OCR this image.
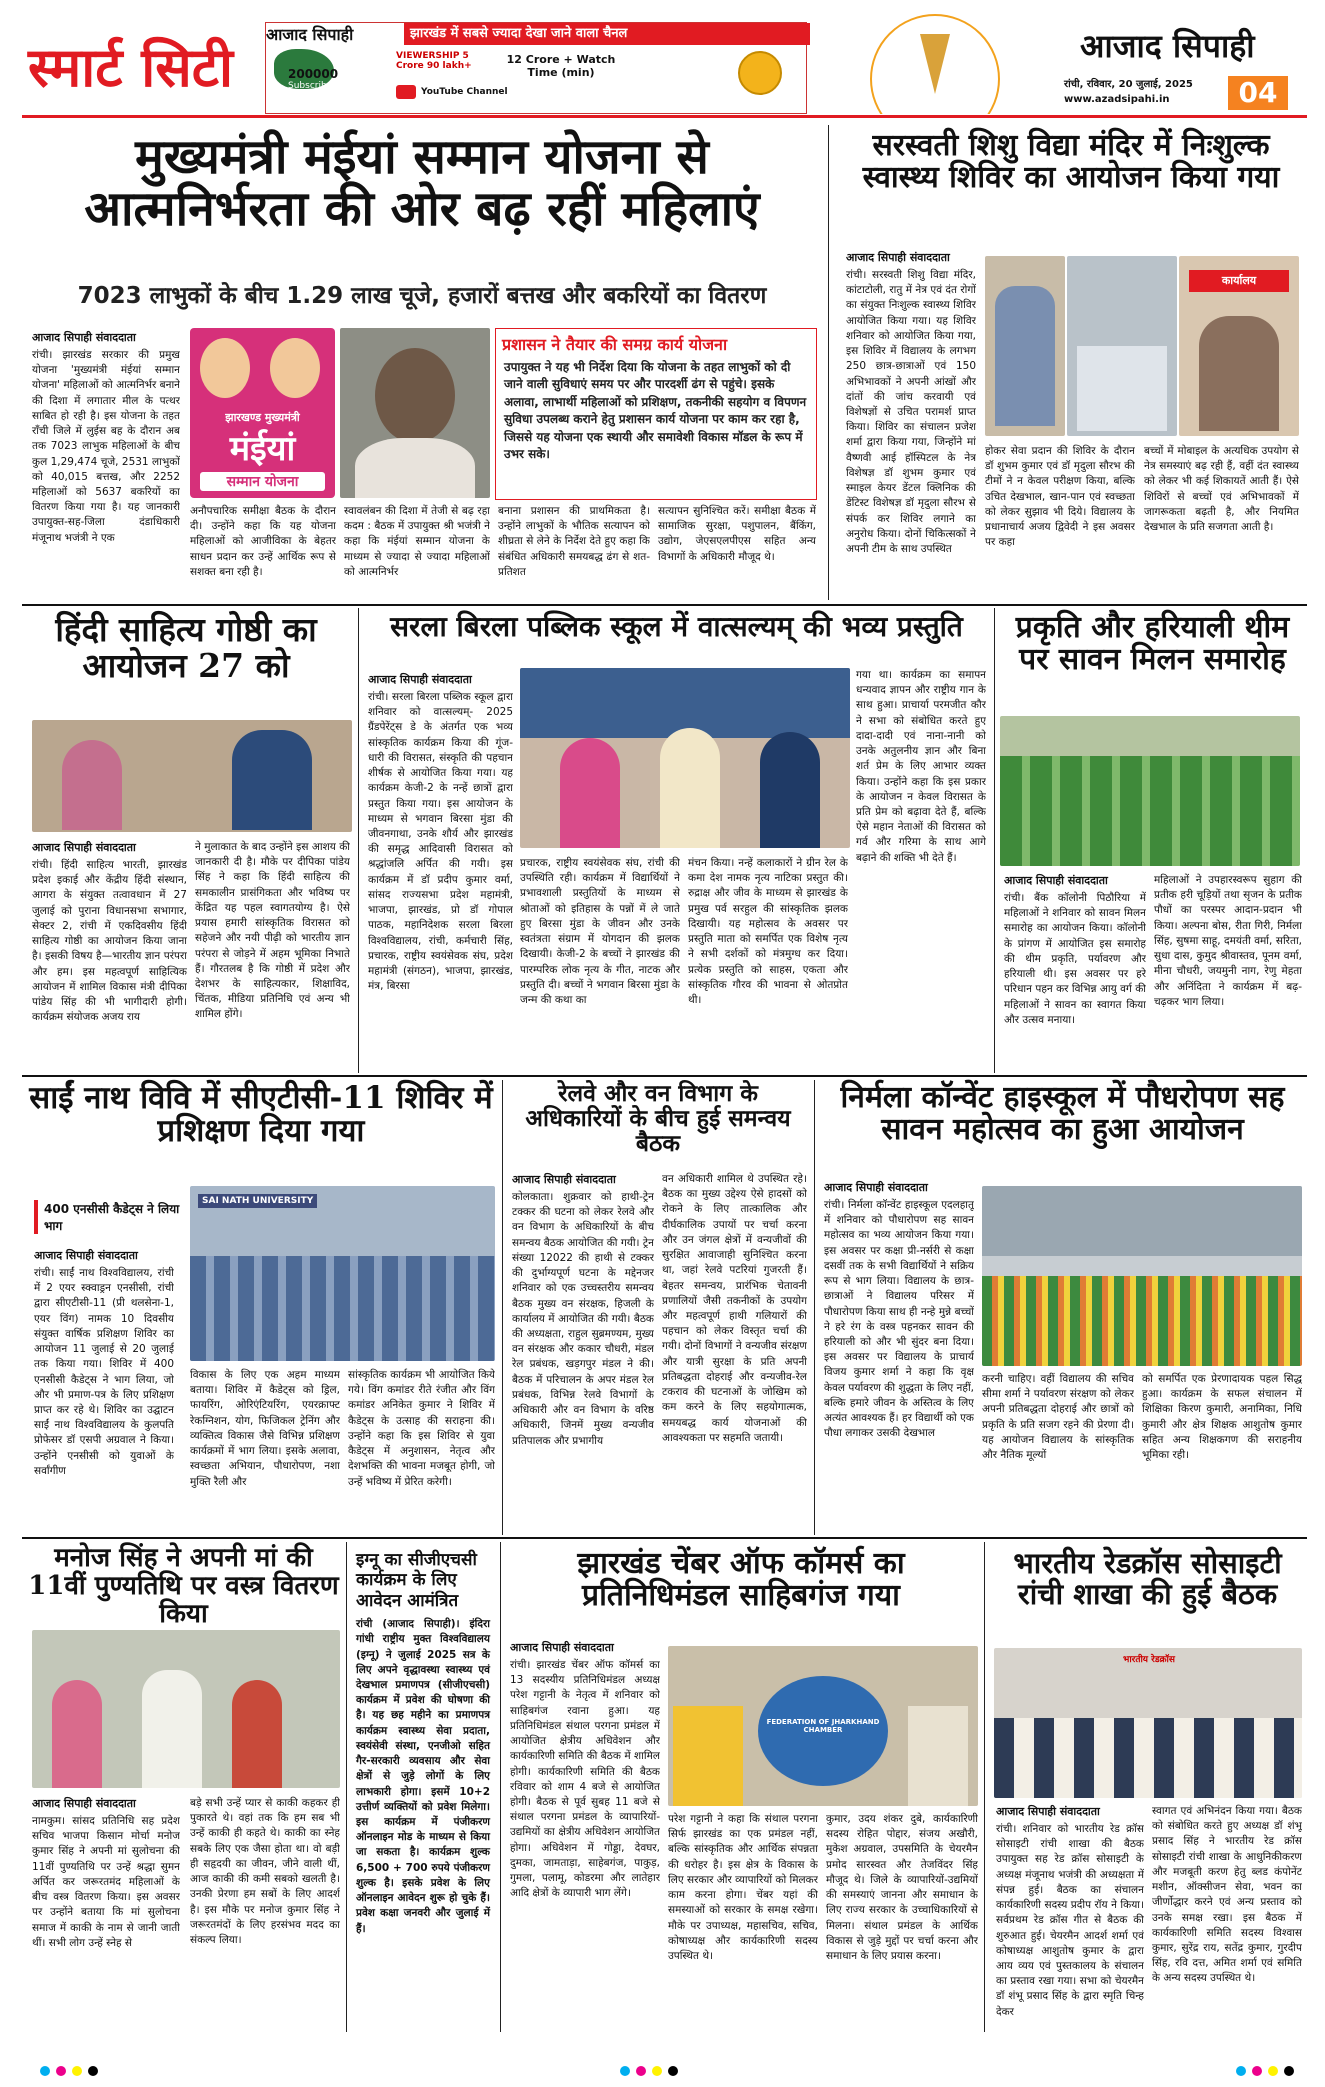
स्मार्ट सिटी
आजाद सिपाही	झारखंड में सबसे ज्यादा देखा जाने वाला चैनल
200000
Subscribers
VIEWERSHIP 5 Crore 90 lakh+	12 Crore + Watch Time (min)
YouTube Channel
आजाद सिपाही
रांची, रविवार, 20 जुलाई, 2025
www.azadsipahi.in	04
मुख्यमंत्री मंईयां सम्मान योजना से
आत्मनिर्भरता की ओर बढ़ रहीं महिलाएं
7023 लाभुकों के बीच 1.29 लाख चूजे, हजारों बत्तख और बकरियों का वितरण
आजाद सिपाही संवाददाता
रांची। झारखंड सरकार की प्रमुख योजना 'मुख्यमंत्री मंईयां सम्मान योजना' महिलाओं को आत्मनिर्भर बनाने की दिशा में लगातार मील के पत्थर साबित हो रही है। इस योजना के तहत राँची जिले में लुईस बह के दौरान अब तक 7023 लाभुक महिलाओं के बीच कुल 1,29,474 चूजे, 2531 लाभुकों को 40,015 बत्तख, और 2252 महिलाओं को 5637 बकरियों का वितरण किया गया है। यह जानकारी उपायुक्त-सह-जिला दंडाधिकारी मंजूनाथ भजंत्री ने एक
झारखण्ड मुख्यमंत्री
मंईयां
सम्मान योजना
प्रशासन ने तैयार की समग्र कार्य योजना
उपायुक्त ने यह भी निर्देश दिया कि योजना के तहत लाभुकों को दी जाने वाली सुविधाएं समय पर और पारदर्शी ढंग से पहुंचे। इसके अलावा, लाभार्थी महिलाओं को प्रशिक्षण, तकनीकी सहयोग व विपणन सुविधा उपलब्ध कराने हेतु प्रशासन कार्य योजना पर काम कर रहा है, जिससे यह योजना एक स्थायी और समावेशी विकास मॉडल के रूप में उभर सके।
अनौपचारिक समीक्षा बैठक के दौरान दी। उन्होंने कहा कि यह योजना महिलाओं को आजीविका के बेहतर साधन प्रदान कर उन्हें आर्थिक रूप से सशक्त बना रही है।
स्वावलंबन की दिशा में तेजी से बढ़ रहा कदम : बैठक में उपायुक्त श्री भजंत्री ने कहा कि मंईयां सम्मान योजना के माध्यम से ज्यादा से ज्यादा महिलाओं को आत्मनिर्भर
बनाना प्रशासन की प्राथमिकता है। उन्होंने लाभुकों के भौतिक सत्यापन को शीघ्रता से लेने के निर्देश देते हुए कहा कि संबंधित अधिकारी समयबद्ध ढंग से शत-प्रतिशत
सत्यापन सुनिश्चित करें। समीक्षा बैठक में सामाजिक सुरक्षा, पशुपालन, बैंकिंग, उद्योग, जेएसएलपीएस सहित अन्य विभागों के अधिकारी मौजूद थे।
सरस्वती शिशु विद्या मंदिर में निःशुल्क स्वास्थ्य शिविर का आयोजन किया गया
आजाद सिपाही संवाददाता
रांची। सरस्वती शिशु विद्या मंदिर, कांटाटोली, रातु में नेत्र एवं दंत रोगों का संयुक्त निःशुल्क स्वास्थ्य शिविर आयोजित किया गया। यह शिविर शनिवार को आयोजित किया गया, इस शिविर में विद्यालय के लगभग 250 छात्र-छात्राओं एवं 150 अभिभावकों ने अपनी आंखों और दांतों की जांच करवायी एवं विशेषज्ञों से उचित परामर्श प्राप्त किया। शिविर का संचालन प्रजेश शर्मा द्वारा किया गया, जिन्होंने मां वैष्णवी आई हॉस्पिटल के नेत्र विशेषज्ञ डॉ शुभम कुमार एवं स्माइल केयर डेंटल क्लिनिक की डेंटिस्ट विशेषज्ञ डॉ मृदुला सौरभ से संपर्क कर शिविर लगाने का अनुरोध किया। दोनों चिकित्सकों ने अपनी टीम के साथ उपस्थित
कार्यालय
होकर सेवा प्रदान की शिविर के दौरान डॉ शुभम कुमार एवं डॉ मृदुला सौरभ की टीमों ने न केवल परीक्षण किया, बल्कि उचित देखभाल, खान-पान एवं स्वच्छता को लेकर सुझाव भी दिये। विद्यालय के प्रधानाचार्य अजय द्विवेदी ने इस अवसर पर कहा
बच्चों में मोबाइल के अत्यधिक उपयोग से नेत्र समस्याएं बढ़ रही हैं, वहीं दंत स्वास्थ्य को लेकर भी कई शिकायतें आती हैं। ऐसे शिविरों से बच्चों एवं अभिभावकों में जागरूकता बढ़ती है, और नियमित देखभाल के प्रति सजगता आती है।
हिंदी साहित्य गोष्ठी का आयोजन 27 को
आजाद सिपाही संवाददाता
रांची। हिंदी साहित्य भारती, झारखंड प्रदेश इकाई और केंद्रीय हिंदी संस्थान, आगरा के संयुक्त तत्वावधान में 27 जुलाई को पुराना विधानसभा सभागार, सेक्टर 2, रांची में एकदिवसीय हिंदी साहित्य गोष्ठी का आयोजन किया जाना है। इसकी विषय है—भारतीय ज्ञान परंपरा और हम। इस महत्वपूर्ण साहित्यिक आयोजन में शामिल विकास मंत्री दीपिका पांडेय सिंह की भी भागीदारी होगी। कार्यक्रम संयोजक अजय राय
ने मुलाकात के बाद उन्होंने इस आशय की जानकारी दी है। मौके पर दीपिका पांडेय सिंह ने कहा कि हिंदी साहित्य की समकालीन प्रासंगिकता और भविष्य पर केंद्रित यह पहल स्वागतयोग्य है। ऐसे प्रयास हमारी सांस्कृतिक विरासत को सहेजने और नयी पीढ़ी को भारतीय ज्ञान परंपरा से जोड़ने में अहम भूमिका निभाते हैं। गौरतलब है कि गोष्ठी में प्रदेश और देशभर के साहित्यकार, शिक्षाविद, चिंतक, मीडिया प्रतिनिधि एवं अन्य भी शामिल होंगे।
सरला बिरला पब्लिक स्कूल में वात्सल्यम् की भव्य प्रस्तुति
आजाद सिपाही संवाददाता
रांची। सरला बिरला पब्लिक स्कूल द्वारा शनिवार को वात्सल्यम्- 2025 ग्रैंडपेरेंट्स डे के अंतर्गत एक भव्य सांस्कृतिक कार्यक्रम किया की गूंज-धारी की विरासत, संस्कृति की पहचान शीर्षक से आयोजित किया गया। यह कार्यक्रम केजी-2 के नन्हें छात्रों द्वारा प्रस्तुत किया गया। इस आयोजन के माध्यम से भगवान बिरसा मुंडा की जीवनगाथा, उनके शौर्य और झारखंड की समृद्ध आदिवासी विरासत को श्रद्धांजलि अर्पित की गयी। इस कार्यक्रम में डॉ प्रदीप कुमार वर्मा, सांसद राज्यसभा प्रदेश महामंत्री, भाजपा, झारखंड, प्रो डॉ गोपाल पाठक, महानिदेशक सरला बिरला विश्वविद्यालय, रांची, कर्मचारी सिंह, प्रचारक, राष्ट्रीय स्वयंसेवक संघ, प्रदेश महामंत्री (संगठन), भाजपा, झारखंड, मंत्र, बिरसा
प्रचारक, राष्ट्रीय स्वयंसेवक संघ, रांची की उपस्थिति रही। कार्यक्रम में विद्यार्थियों ने प्रभावशाली प्रस्तुतियों के माध्यम से श्रोताओं को इतिहास के पन्नों में ले जाते हुए बिरसा मुंडा के जीवन और उनके स्वतंत्रता संग्राम में योगदान की झलक दिखायी। केजी-2 के बच्चों ने झारखंड की पारम्परिक लोक नृत्य के गीत, नाटक और प्रस्तुति दी। बच्चों ने भगवान बिरसा मुंडा के जन्म की कथा का
मंचन किया। नन्हें कलाकारों ने ग्रीन रेल के कमा देश नामक नृत्य नाटिका प्रस्तुत की। रुद्राक्ष और जीव के माध्यम से झारखंड के प्रमुख पर्व सरहुल की सांस्कृतिक झलक दिखायी। यह महोत्सव के अवसर पर प्रस्तुति माता को समर्पित एक विशेष नृत्य ने सभी दर्शकों को मंत्रमुग्ध कर दिया। प्रत्येक प्रस्तुति को साहस, एकता और सांस्कृतिक गौरव की भावना से ओतप्रोत थी।
गया था। कार्यक्रम का समापन धन्यवाद ज्ञापन और राष्ट्रीय गान के साथ हुआ। प्राचार्या परमजीत कौर ने सभा को संबोधित करते हुए दादा-दादी एवं नाना-नानी को उनके अतुलनीय ज्ञान और बिना शर्त प्रेम के लिए आभार व्यक्त किया। उन्होंने कहा कि इस प्रकार के आयोजन न केवल विरासत के प्रति प्रेम को बढ़ावा देते हैं, बल्कि ऐसे महान नेताओं की विरासत को गर्व और गरिमा के साथ आगे बढ़ाने की शक्ति भी देते हैं।
प्रकृति और हरियाली थीम पर सावन मिलन समारोह
आजाद सिपाही संवाददाता
रांची। बैंक कॉलोनी पिठौरिया में महिलाओं ने शनिवार को सावन मिलन समारोह का आयोजन किया। कॉलोनी के प्रांगण में आयोजित इस समारोह की थीम प्रकृति, पर्यावरण और हरियाली थी। इस अवसर पर हरे परिधान पहन कर विभिन्न आयु वर्ग की महिलाओं ने सावन का स्वागत किया और उत्सव मनाया।
महिलाओं ने उपहारस्वरूप सुहाग की प्रतीक हरी चूड़ियों तथा सृजन के प्रतीक पौधों का परस्पर आदान-प्रदान भी किया। अल्पना बोस, रीता गिरी, निर्मला सिंह, सुषमा साहू, दमयंती वर्मा, सरिता, सुधा दास, कुमुद श्रीवास्तव, पूनम वर्मा, मीना चौधरी, जयमुनी नाग, रेणु मेहता और अनिंदिता ने कार्यक्रम में बढ़-चढ़कर भाग लिया।
साईं नाथ विवि में सीएटीसी-11 शिविर में प्रशिक्षण दिया गया
400 एनसीसी कैडेट्स ने लिया भाग
आजाद सिपाही संवाददाता
रांची। साईं नाथ विश्वविद्यालय, रांची में 2 एयर स्क्वाड्रन एनसीसी, रांची द्वारा सीएटीसी-11 (प्री थलसेना-1, एयर विंग) नामक 10 दिवसीय संयुक्त वार्षिक प्रशिक्षण शिविर का आयोजन 11 जुलाई से 20 जुलाई तक किया गया। शिविर में 400 एनसीसी कैडेट्स ने भाग लिया, जो और भी प्रमाण-पत्र के लिए प्रशिक्षण प्राप्त कर रहे थे। शिविर का उद्घाटन साईं नाथ विश्वविद्यालय के कुलपति प्रोफेसर डॉ एसपी अग्रवाल ने किया। उन्होंने एनसीसी को युवाओं के सर्वांगीण
SAI NATH UNIVERSITY
विकास के लिए एक अहम माध्यम बताया। शिविर में कैडेट्स को ड्रिल, फायरिंग, ओरिएंटियरिंग, एयरक्राफ्ट रेकग्निशन, योग, फिजिकल ट्रेनिंग और व्यक्तित्व विकास जैसे विभिन्न प्रशिक्षण कार्यक्रमों में भाग लिया। इसके अलावा, स्वच्छता अभियान, पौधारोपण, नशा मुक्ति रैली और
सांस्कृतिक कार्यक्रम भी आयोजित किये गये। विंग कमांडर रीते रंजीत और विंग कमांडर अनिकेत कुमार ने शिविर में कैडेट्स के उत्साह की सराहना की। उन्होंने कहा कि इस शिविर से युवा कैडेट्स में अनुशासन, नेतृत्व और देशभक्ति की भावना मजबूत होगी, जो उन्हें भविष्य में प्रेरित करेगी।
रेलवे और वन विभाग के अधिकारियों के बीच हुई समन्वय बैठक
आजाद सिपाही संवाददाता
कोलकाता। शुक्रवार को हाथी-ट्रेन टक्कर की घटना को लेकर रेलवे और वन विभाग के अधिकारियों के बीच समन्वय बैठक आयोजित की गयी। ट्रेन संख्या 12022 की हाथी से टक्कर की दुर्भाग्यपूर्ण घटना के मद्देनजर शनिवार को एक उच्चस्तरीय समन्वय बैठक मुख्य वन संरक्षक, हिजली के कार्यालय में आयोजित की गयी। बैठक की अध्यक्षता, राहुल सुब्रमण्यम, मुख्य वन संरक्षक और ककार चौधरी, मंडल रेल प्रबंधक, खड़गपुर मंडल ने की। बैठक में परिचालन के अपर मंडल रेल प्रबंधक, विभिन्न रेलवे विभागों के अधिकारी और वन विभाग के वरिष्ठ अधिकारी, जिनमें मुख्य वन्यजीव प्रतिपालक और प्रभागीय
वन अधिकारी शामिल थे उपस्थित रहे। बैठक का मुख्य उद्देश्य ऐसे हादसों को रोकने के लिए तात्कालिक और दीर्घकालिक उपायों पर चर्चा करना और उन जंगल क्षेत्रों में वन्यजीवों की सुरक्षित आवाजाही सुनिश्चित करना था, जहां रेलवे पटरियां गुजरती हैं। बेहतर समन्वय, प्रारंभिक चेतावनी प्रणालियों जैसी तकनीकों के उपयोग और महत्वपूर्ण हाथी गलियारों की पहचान को लेकर विस्तृत चर्चा की गयी। दोनों विभागों ने वन्यजीव संरक्षण और यात्री सुरक्षा के प्रति अपनी प्रतिबद्धता दोहराई और वन्यजीव-रेल टकराव की घटनाओं के जोखिम को कम करने के लिए सहयोगात्मक, समयबद्ध कार्य योजनाओं की आवश्यकता पर सहमति जतायी।
निर्मला कॉन्वेंट हाइस्कूल में पौधरोपण सह सावन महोत्सव का हुआ आयोजन
आजाद सिपाही संवाददाता
रांची। निर्मला कॉन्वेंट हाइस्कूल एदलहातू में शनिवार को पौधारोपण सह सावन महोत्सव का भव्य आयोजन किया गया। इस अवसर पर कक्षा प्री-नर्सरी से कक्षा दसवीं तक के सभी विद्यार्थियों ने सक्रिय रूप से भाग लिया। विद्यालय के छात्र-छात्राओं ने विद्यालय परिसर में पौधारोपण किया साथ ही नन्हे मुन्ने बच्चों ने हरे रंग के वस्त्र पहनकर सावन की हरियाली को और भी सुंदर बना दिया। इस अवसर पर विद्यालय के प्राचार्य विजय कुमार शर्मा ने कहा कि वृक्ष केवल पर्यावरण की शुद्धता के लिए नहीं, बल्कि हमारे जीवन के अस्तित्व के लिए अत्यंत आवश्यक हैं। हर विद्यार्थी को एक पौधा लगाकर उसकी देखभाल
करनी चाहिए। वहीं विद्यालय की सचिव सीमा शर्मा ने पर्यावरण संरक्षण को लेकर अपनी प्रतिबद्धता दोहराई और छात्रों को प्रकृति के प्रति सजग रहने की प्रेरणा दी। यह आयोजन विद्यालय के सांस्कृतिक और नैतिक मूल्यों
को समर्पित एक प्रेरणादायक पहल सिद्ध हुआ। कार्यक्रम के सफल संचालन में शिक्षिका किरण कुमारी, अनामिका, निधि कुमारी और क्षेत्र शिक्षक आशुतोष कुमार सहित अन्य शिक्षकगण की सराहनीय भूमिका रही।
मनोज सिंह ने अपनी मां की 11वीं पुण्यतिथि पर वस्त्र वितरण किया
आजाद सिपाही संवाददाता
नामकुम। सांसद प्रतिनिधि सह प्रदेश सचिव भाजपा किसान मोर्चा मनोज कुमार सिंह ने अपनी मां सुलोचना की 11वीं पुण्यतिथि पर उन्हें श्रद्धा सुमन अर्पित कर जरूरतमंद महिलाओं के बीच वस्त्र वितरण किया। इस अवसर पर उन्होंने बताया कि मां सुलोचना समाज में काकी के नाम से जानी जाती थीं। सभी लोग उन्हें स्नेह से
बड़े सभी उन्हें प्यार से काकी कहकर ही पुकारते थे। वहां तक कि हम सब भी उन्हें काकी ही कहते थे। काकी का स्नेह सबके लिए एक जैसा होता था। वो बड़ी ही सहृदयी का जीवन, जीने वाली थीं, आज काकी की कमी सबको खलती है। उनकी प्रेरणा हम सबों के लिए आदर्श है। इस मौके पर मनोज कुमार सिंह ने जरूरतमंदों के लिए हरसंभव मदद का संकल्प लिया।
इग्नू का सीजीएचसी कार्यक्रम के लिए आवेदन आमंत्रित
रांची (आजाद सिपाही)। इंदिरा गांधी राष्ट्रीय मुक्त विश्वविद्यालय (इग्नू) ने जुलाई 2025 सत्र के लिए अपने वृद्धावस्था स्वास्थ्य एवं देखभाल प्रमाणपत्र (सीजीएचसी) कार्यक्रम में प्रवेश की घोषणा की है। यह छह महीने का प्रमाणपत्र कार्यक्रम स्वास्थ्य सेवा प्रदाता, स्वयंसेवी संस्था, एनजीओ सहित गैर-सरकारी व्यवसाय और सेवा क्षेत्रों से जुड़े लोगों के लिए लाभकारी होगा। इसमें 10+2 उत्तीर्ण व्यक्तियों को प्रवेश मिलेगा। इस कार्यक्रम में पंजीकरण ऑनलाइन मोड के माध्यम से किया जा सकता है। कार्यक्रम शुल्क 6,500 + 700 रुपये पंजीकरण शुल्क है। इसके प्रवेश के लिए ऑनलाइन आवेदन शुरू हो चुके हैं। प्रवेश कक्षा जनवरी और जुलाई में हैं।
झारखंड चेंबर ऑफ कॉमर्स का प्रतिनिधिमंडल साहिबगंज गया
आजाद सिपाही संवाददाता
रांची। झारखंड चेंबर ऑफ कॉमर्स का 13 सदस्यीय प्रतिनिधिमंडल अध्यक्ष परेश गट्टानी के नेतृत्व में शनिवार को साहिबगंज रवाना हुआ। यह प्रतिनिधिमंडल संथाल परगना प्रमंडल में आयोजित क्षेत्रीय अधिवेशन और कार्यकारिणी समिति की बैठक में शामिल होगी। कार्यकारिणी समिति की बैठक रविवार को शाम 4 बजे से आयोजित होगी। बैठक से पूर्व सुबह 11 बजे से संथाल परगना प्रमंडल के व्यापारियों-उद्यमियों का क्षेत्रीय अधिवेशन आयोजित होगा। अधिवेशन में गोड्डा, देवघर, दुमका, जामताड़ा, साहेबगंज, पाकुड़, गुमला, पलामू, कोडरमा और लातेहार आदि क्षेत्रों के व्यापारी भाग लेंगे।
FEDERATION OF JHARKHAND CHAMBER
परेश गट्टानी ने कहा कि संथाल परगना सिर्फ झारखंड का एक प्रमंडल नहीं, बल्कि सांस्कृतिक और आर्थिक संपन्नता की धरोहर है। इस क्षेत्र के विकास के लिए सरकार और व्यापारियों को मिलकर काम करना होगा। चेंबर यहां की समस्याओं को सरकार के समक्ष रखेगा। मौके पर उपाध्यक्ष, महासचिव, सचिव, कोषाध्यक्ष और कार्यकारिणी सदस्य उपस्थित थे।
कुमार, उदय शंकर दुबे, कार्यकारिणी सदस्य रोहित पोद्दार, संजय अखौरी, मुकेश अग्रवाल, उपसमिति के चेयरमैन प्रमोद सारस्वत और तेजविंदर सिंह मौजूद थे। जिले के व्यापारियों-उद्यमियों की समस्याएं जानना और समाधान के लिए राज्य सरकार के उच्चाधिकारियों से मिलना। संथाल प्रमंडल के आर्थिक विकास से जुड़े मुद्दों पर चर्चा करना और समाधान के लिए प्रयास करना।
भारतीय रेडक्रॉस सोसाइटी रांची शाखा की हुई बैठक
भारतीय रेडक्रॉस
आजाद सिपाही संवाददाता
रांची। शनिवार को भारतीय रेड क्रॉस सोसाइटी रांची शाखा की बैठक उपायुक्त सह रेड क्रॉस सोसाइटी के अध्यक्ष मंजूनाथ भजंत्री की अध्यक्षता में संपन्न हुई। बैठक का संचालन कार्यकारिणी सदस्य प्रदीप रॉय ने किया। सर्वप्रथम रेड क्रॉस गीत से बैठक की शुरुआत हुई। चेयरमैन आदर्श शर्मा एवं कोषाध्यक्ष आशुतोष कुमार के द्वारा आय व्यय एवं पुस्तकालय के संचालन का प्रस्ताव रखा गया। सभा को चेयरमैन डॉ शंभू प्रसाद सिंह के द्वारा स्मृति चिन्ह देकर
स्वागत एवं अभिनंदन किया गया। बैठक को संबोधित करते हुए अध्यक्ष डॉ शंभू प्रसाद सिंह ने भारतीय रेड क्रॉस सोसाइटी रांची शाखा के आधुनिकीकरण और मजबूती करण हेतु ब्लड कंपोनेंट मशीन, ऑक्सीजन सेवा, भवन का जीर्णोद्धार करने एवं अन्य प्रस्ताव को उनके समक्ष रखा। इस बैठक में कार्यकारिणी समिति सदस्य विश्वास कुमार, सुरेंद्र राय, सतेंद्र कुमार, गुरदीप सिंह, रवि दत्त, अमित शर्मा एवं समिति के अन्य सदस्य उपस्थित थे।
